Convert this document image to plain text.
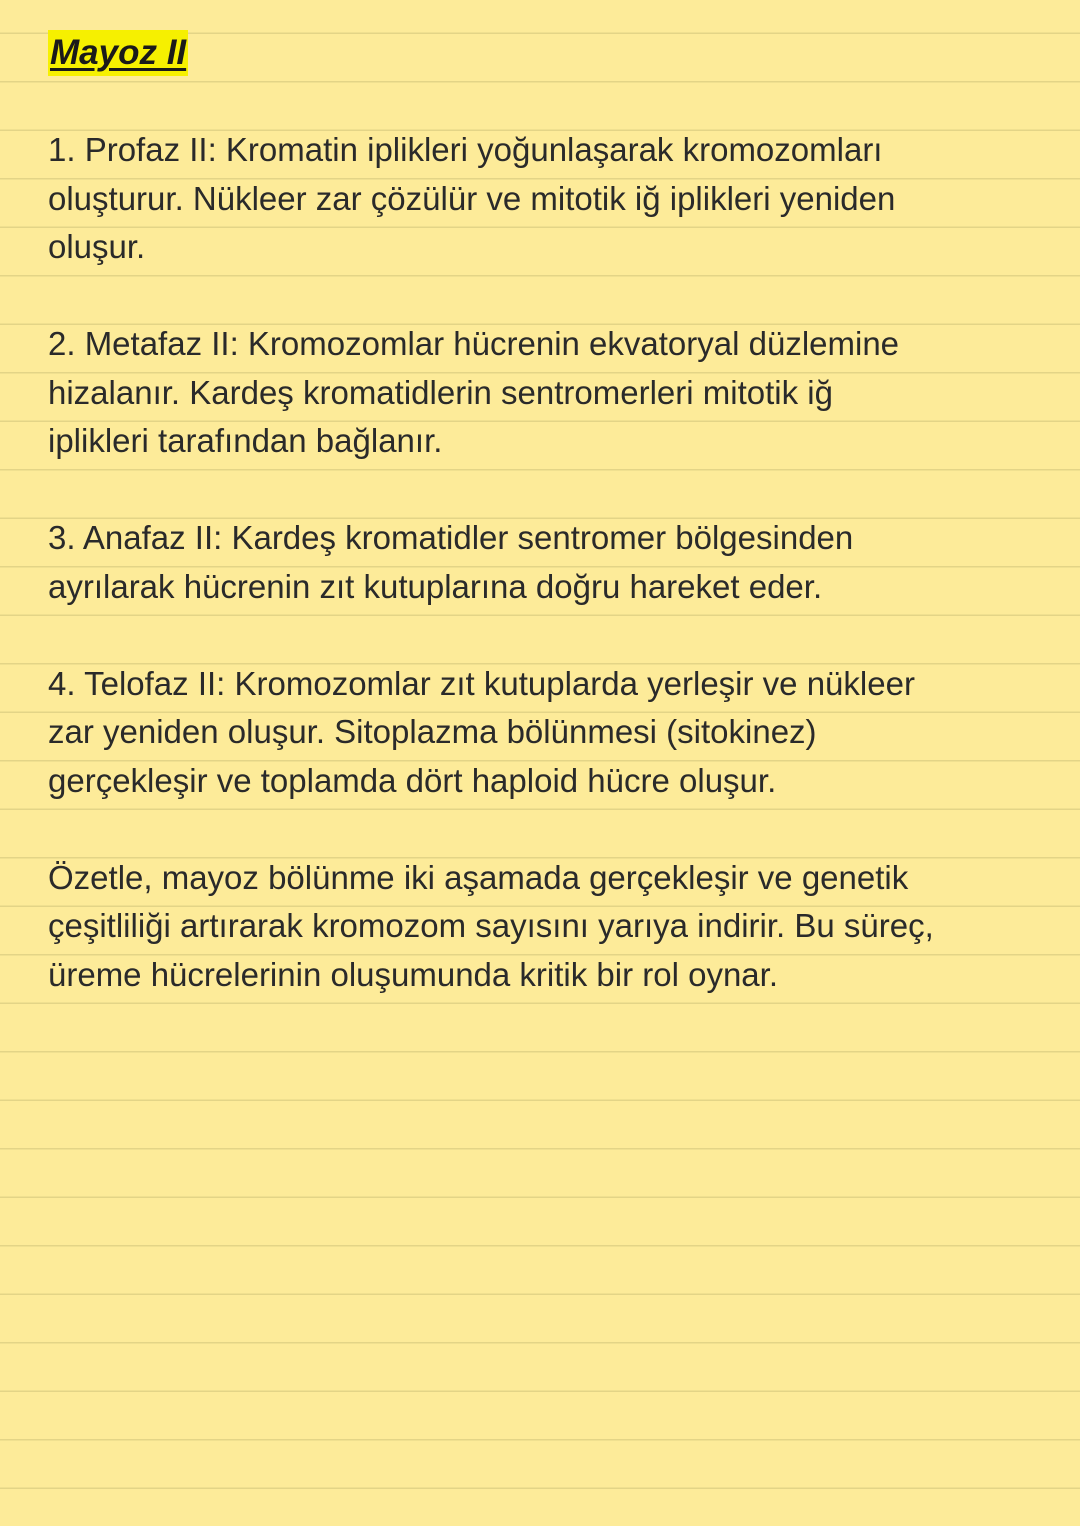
Mayoz II

1. Profaz II: Kromatin iplikleri yoğunlaşarak kromozomları
oluşturur. Nükleer zar çözülür ve mitotik iğ iplikleri yeniden
oluşur.

2. Metafaz II: Kromozomlar hücrenin ekvatoryal düzlemine
hizalanır. Kardeş kromatidlerin sentromerleri mitotik iğ
iplikleri tarafından bağlanır.

3. Anafaz II: Kardeş kromatidler sentromer bölgesinden
ayrılarak hücrenin zıt kutuplarına doğru hareket eder.

4. Telofaz II: Kromozomlar zıt kutuplarda yerleşir ve nükleer
zar yeniden oluşur. Sitoplazma bölünmesi (sitokinez)
gerçekleşir ve toplamda dört haploid hücre oluşur.

Özetle, mayoz bölünme iki aşamada gerçekleşir ve genetik
çeşitliliği artırarak kromozom sayısını yarıya indirir. Bu süreç,
üreme hücrelerinin oluşumunda kritik bir rol oynar.
